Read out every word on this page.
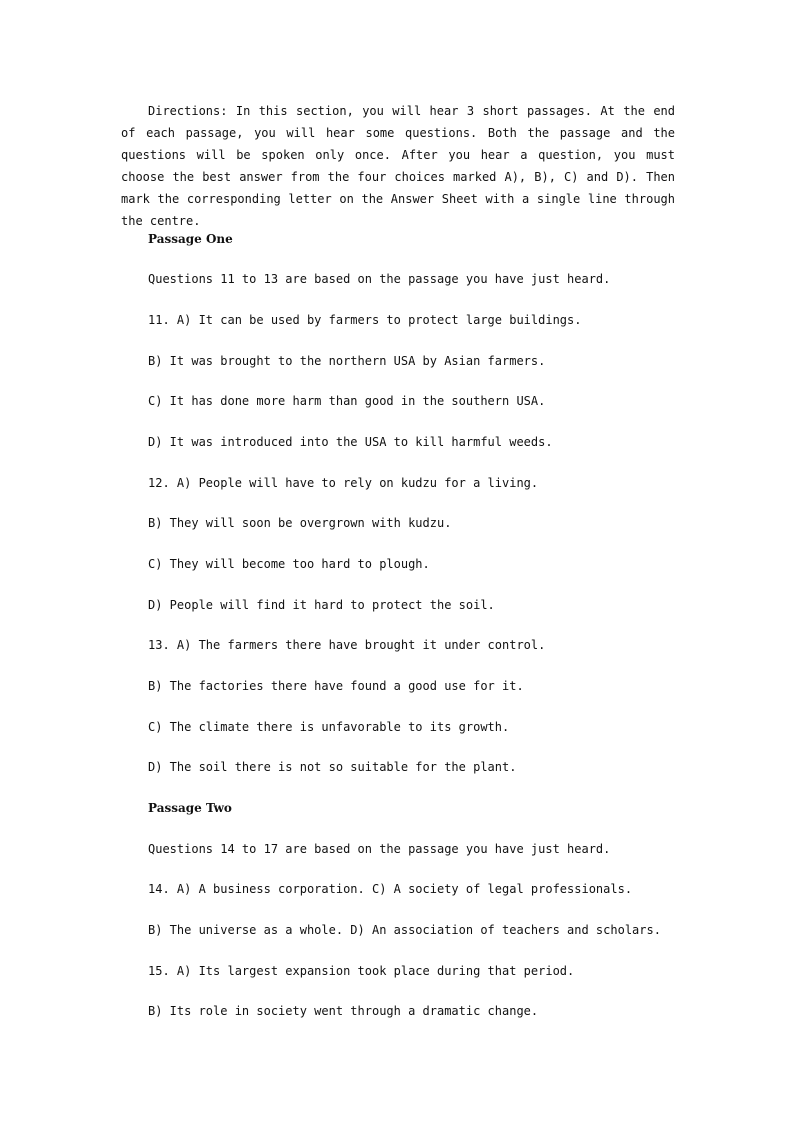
Directions: In this section, you will hear 3 short passages. At the end of each passage, you will hear some questions. Both the passage and the questions will be spoken only once. After you hear a question, you must choose the best answer from the four choices marked A), B), C) and D). Then mark the corresponding letter on the Answer Sheet with a single line through the centre.

Passage One
Questions 11 to 13 are based on the passage you have just heard.
11. A) It can be used by farmers to protect large buildings.
B) It was brought to the northern USA by Asian farmers.
C) It has done more harm than good in the southern USA.
D) It was introduced into the USA to kill harmful weeds.
12. A) People will have to rely on kudzu for a living.
B) They will soon be overgrown with kudzu.
C) They will become too hard to plough.
D) People will find it hard to protect the soil.
13. A) The farmers there have brought it under control.
B) The factories there have found a good use for it.
C) The climate there is unfavorable to its growth.
D) The soil there is not so suitable for the plant.
Passage Two
Questions 14 to 17 are based on the passage you have just heard.
14. A) A business corporation. C) A society of legal professionals.
B) The universe as a whole. D) An association of teachers and scholars.
15. A) Its largest expansion took place during that period.
B) Its role in society went through a dramatic change.
